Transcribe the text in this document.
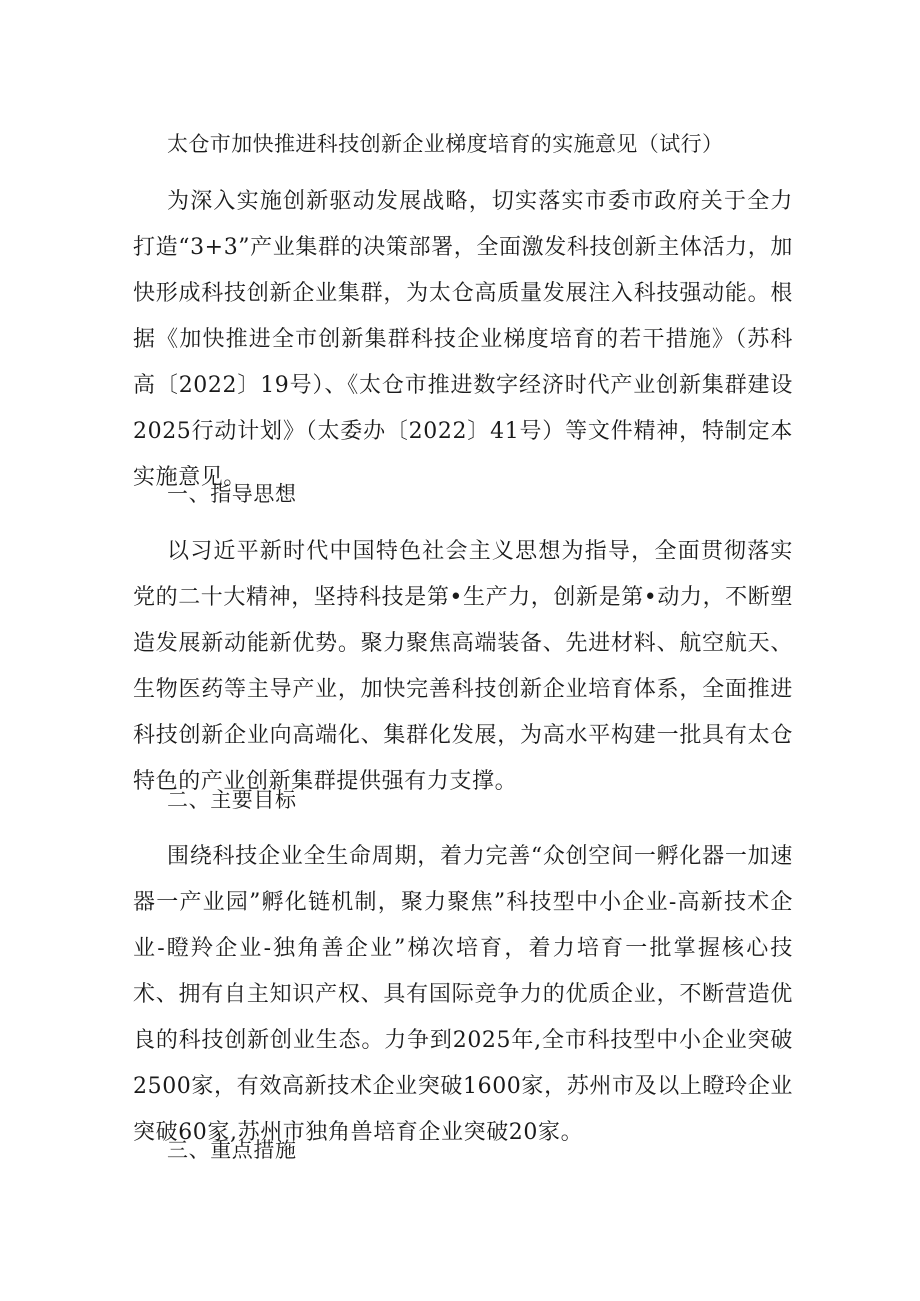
太仓市加快推进科技创新企业梯度培育的实施意见（试行）

为深入实施创新驱动发展战略，切实落实市委市政府关于全力打造“3+3”产业集群的决策部署，全面激发科技创新主体活力，加快形成科技创新企业集群，为太仓高质量发展注入科技强动能。根据《加快推进全市创新集群科技企业梯度培育的若干措施》（苏科高〔2022〕19号）、《太仓市推进数字经济时代产业创新集群建设2025行动计划》（太委办〔2022〕41号）等文件精神，特制定本实施意见。

一、指导思想

以习近平新时代中国特色社会主义思想为指导，全面贯彻落实党的二十大精神，坚持科技是第•生产力，创新是第•动力，不断塑造发展新动能新优势。聚力聚焦高端装备、先进材料、航空航天、生物医药等主导产业，加快完善科技创新企业培育体系，全面推进科技创新企业向高端化、集群化发展，为高水平构建一批具有太仓特色的产业创新集群提供强有力支撑。

二、主要目标

围绕科技企业全生命周期，着力完善“众创空间一孵化器一加速器一产业园”孵化链机制，聚力聚焦”科技型中小企业-高新技术企业-瞪羚企业-独角善企业”梯次培育，着力培育一批掌握核心技术、拥有自主知识产权、具有国际竞争力的优质企业，不断营造优良的科技创新创业生态。力争到2025年,全市科技型中小企业突破2500家，有效高新技术企业突破1600家，苏州市及以上瞪玲企业突破60家,苏州市独角兽培育企业突破20家。

三、重点措施
